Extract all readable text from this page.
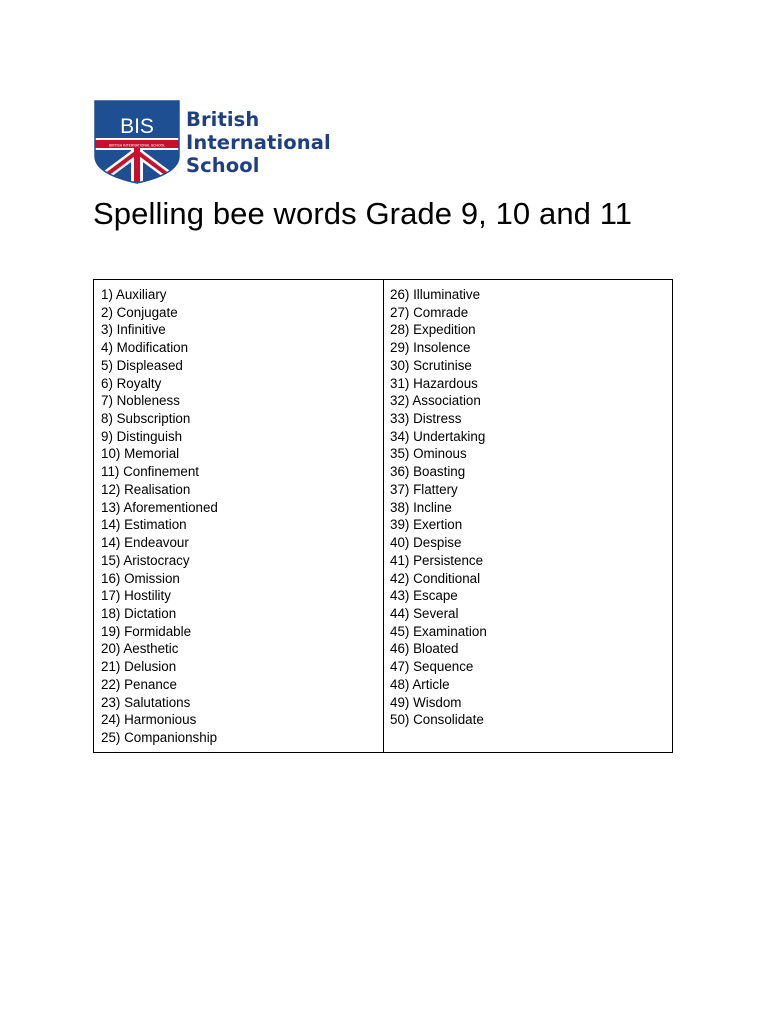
BIS
BRITISH INTERNATIONAL SCHOOL
British
International
School
Spelling bee words Grade 9, 10 and 11
1) Auxiliary
2) Conjugate
3) Infinitive
4) Modification
5) Displeased
6) Royalty
7) Nobleness
8) Subscription
9) Distinguish
10) Memorial
11) Confinement
12) Realisation
13) Aforementioned
14) Estimation
14) Endeavour
15) Aristocracy
16) Omission
17) Hostility
18) Dictation
19) Formidable
20) Aesthetic
21) Delusion
22) Penance
23) Salutations
24) Harmonious
25) Companionship
26) Illuminative
27) Comrade
28) Expedition
29) Insolence
30) Scrutinise
31) Hazardous
32) Association
33) Distress
34) Undertaking
35) Ominous
36) Boasting
37) Flattery
38) Incline
39) Exertion
40) Despise
41) Persistence
42) Conditional
43) Escape
44) Several
45) Examination
46) Bloated
47) Sequence
48) Article
49) Wisdom
50) Consolidate
